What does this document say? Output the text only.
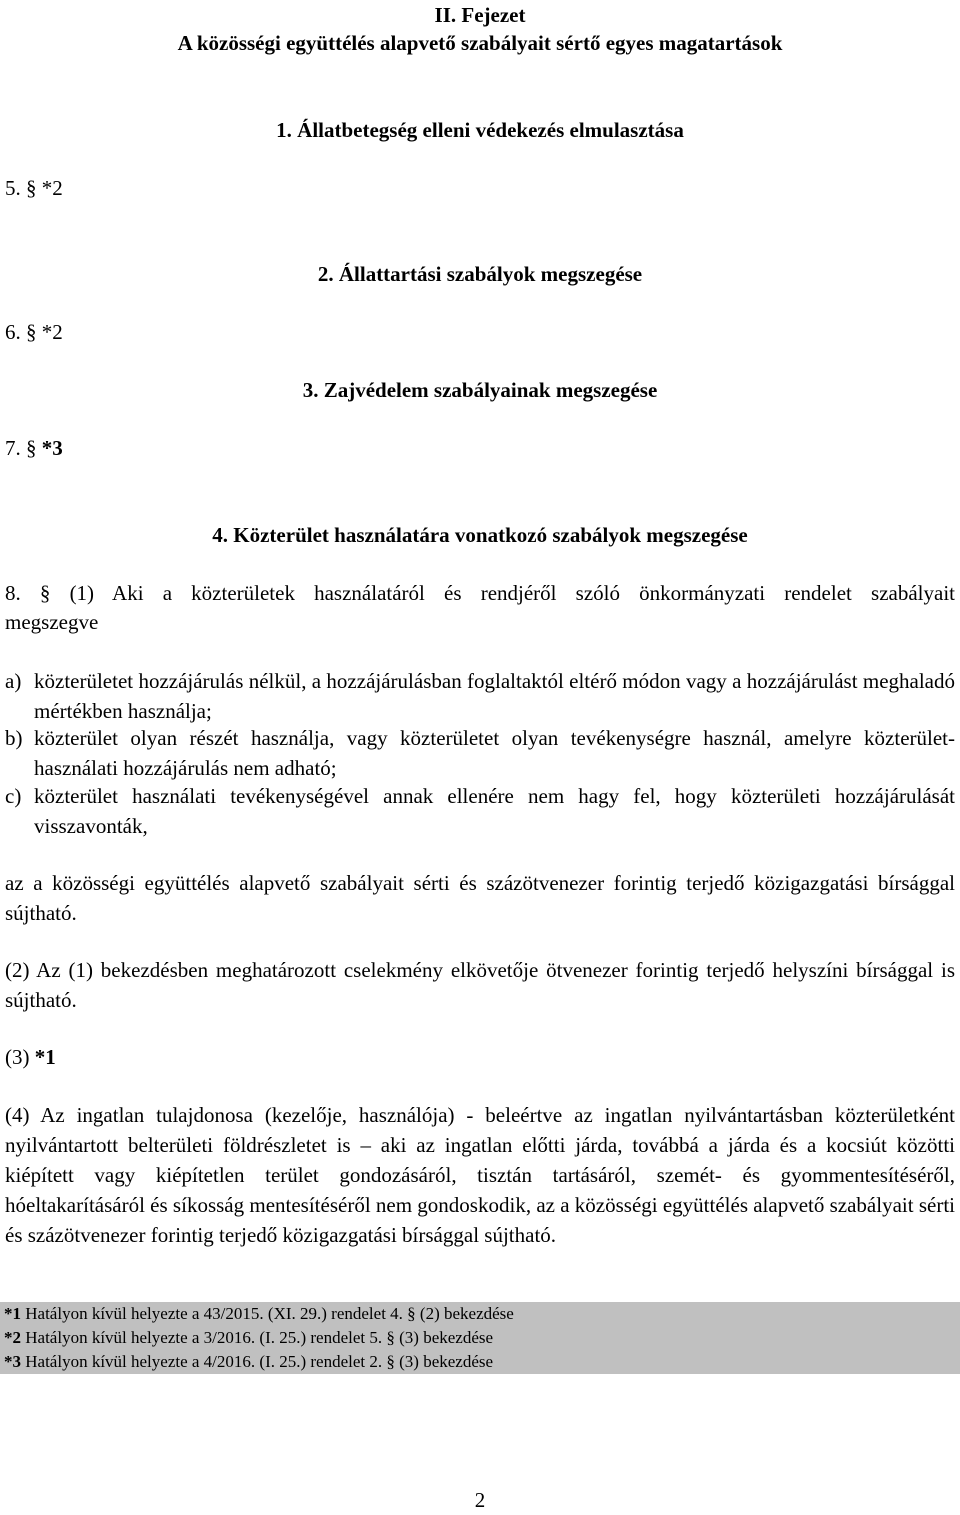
II. Fejezet
A közösségi együttélés alapvető szabályait sértő egyes magatartások
1. Állatbetegség elleni védekezés elmulasztása
5. § *2
2. Állattartási szabályok megszegése
6. § *2
3. Zajvédelem szabályainak megszegése
7. § *3
4. Közterület használatára vonatkozó szabályok megszegése
8. § (1) Aki a közterületek használatáról és rendjéről szóló önkormányzati rendelet szabályait
megszegve
a) közterületet hozzájárulás nélkül, a hozzájárulásban foglaltaktól eltérő módon vagy a hozzájárulást meghaladó mértékben használja;
b) közterület olyan részét használja, vagy közterületet olyan tevékenységre használ, amelyre közterület-használati hozzájárulás nem adható;
c) közterület használati tevékenységével annak ellenére nem hagy fel, hogy közterületi hozzájárulását visszavonták,
az a közösségi együttélés alapvető szabályait sérti és százötvenezer forintig terjedő közigazgatási bírsággal sújtható.
(2) Az (1) bekezdésben meghatározott cselekmény elkövetője ötvenezer forintig terjedő helyszíni bírsággal is sújtható.
(3) *1
(4) Az ingatlan tulajdonosa (kezelője, használója) - beleértve az ingatlan nyilvántartásban közterületként nyilvántartott belterületi földrészletet is – aki az ingatlan előtti járda, továbbá a járda és a kocsiút közötti kiépített vagy kiépítetlen terület gondozásáról, tisztán tartásáról, szemét- és gyommentesítéséről, hóeltakarításáról és síkosság mentesítéséről nem gondoskodik, az a közösségi együttélés alapvető szabályait sérti és százötvenezer forintig terjedő közigazgatási bírsággal sújtható.
*1 Hatályon kívül helyezte a 43/2015. (XI. 29.) rendelet 4. § (2) bekezdése
*2 Hatályon kívül helyezte a 3/2016. (I. 25.) rendelet 5. § (3) bekezdése
*3 Hatályon kívül helyezte a 4/2016. (I. 25.) rendelet 2. § (3) bekezdése
2
